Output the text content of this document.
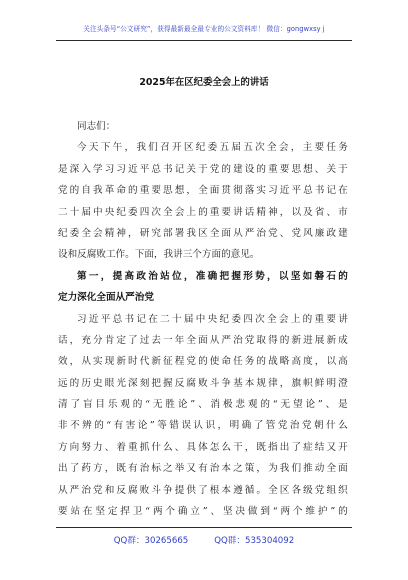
关注头条号“公文研究”，获得最新最全最专业的公文资料库！ 微信：gongwxsy j
2025年在区纪委全会上的讲话
同志们：
今 天 下 午 ， 我 们 召 开 区 纪 委 五 届 五 次 全 会 ， 主 要 任 务
是 深 入 学 习 习 近 平 总 书 记 关 于 党 的 建 设 的 重 要 思 想 、 关 于
党 的 自 我 革 命 的 重 要 思 想 ， 全 面 贯 彻 落 实 习 近 平 总 书 记 在
二 十 届 中 央 纪 委 四 次 全 会 上 的 重 要 讲 话 精 神 ， 以 及 省 、 市
纪 委 全 会 精 神 ， 研 究 部 署 我 区 全 面 从 严 治 党 、 党 风 廉 政 建
设和反腐败工作。下面，我讲三个方面的意见。
第 一 ， 提 高 政 治 站 位 ， 准 确 把 握 形 势 ， 以 坚 如 磐 石 的
定力深化全面从严治党
习 近 平 总 书 记 在 二 十 届 中 央 纪 委 四 次 全 会 上 的 重 要 讲
话 ， 充 分 肯 定 了 过 去 一 年 全 面 从 严 治 党 取 得 的 新 进 展 新 成
效 ， 从 实 现 新 时 代 新 征 程 党 的 使 命 任 务 的 战 略 高 度 ， 以 高
远 的 历 史 眼 光 深 刻 把 握 反 腐 败 斗 争 基 本 规 律 ， 旗 帜 鲜 明 澄
清 了 盲 目 乐 观 的 “ 无 胜 论 ” 、 消 极 悲 观 的 “ 无 望 论 ” 、 是
非 不 辨 的 “ 有 害 论 ” 等 错 误 认 识 ， 明 确 了 管 党 治 党 朝 什 么
方 向 努 力 、 着 重 抓 什 么 、 具 体 怎 么 干 ， 既 指 出 了 症 结 又 开
出 了 药 方 ， 既 有 治 标 之 举 又 有 治 本 之 策 ， 为 我 们 推 动 全 面
从 严 治 党 和 反 腐 败 斗 争 提 供 了 根 本 遵 循 。 全 区 各 级 党 组 织
要 站 在 坚 定 捍 卫 “ 两 个 确 立 ” 、 坚 决 做 到 “ 两 个 维 护 ” 的
QQ群：30265665	QQ群：535304092
